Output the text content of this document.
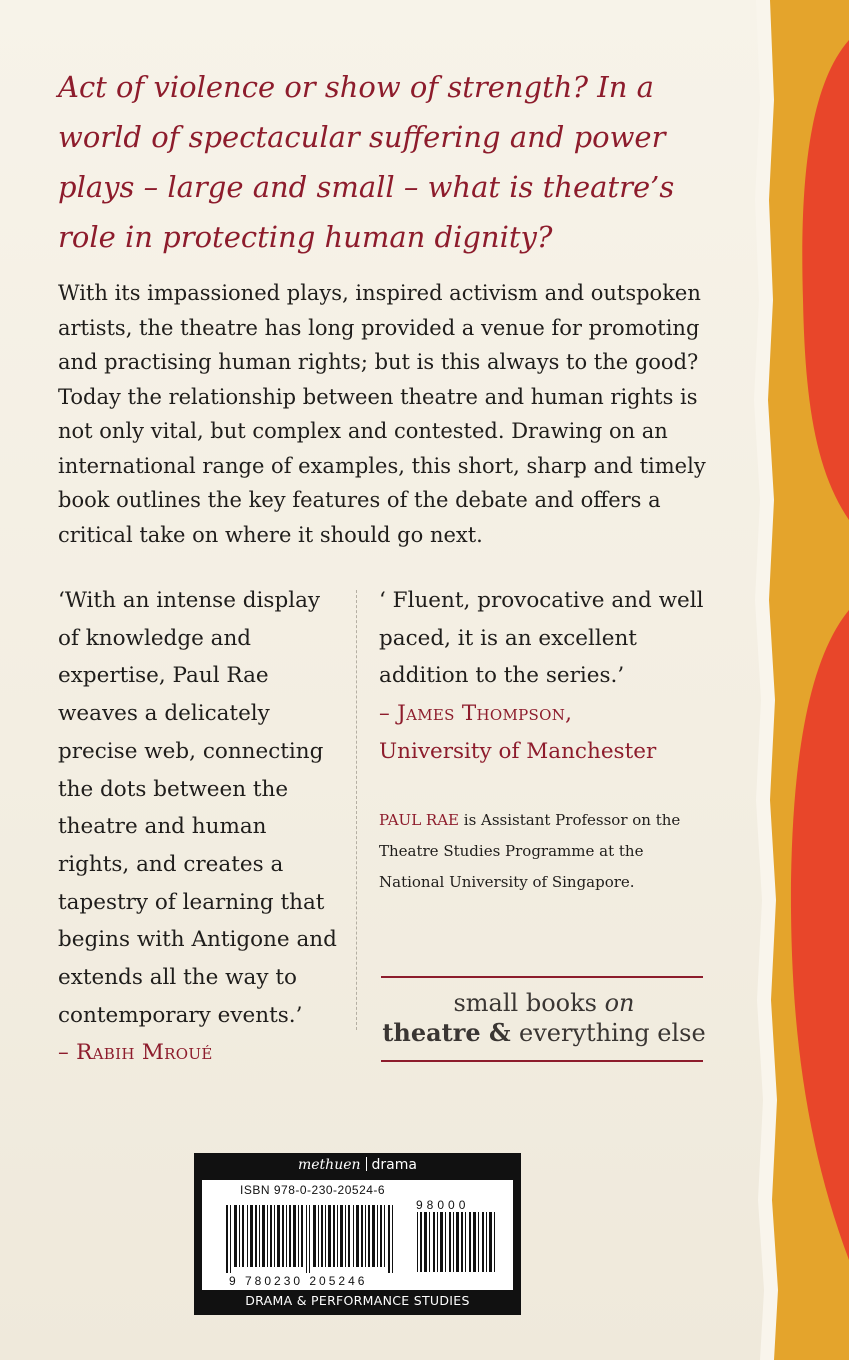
Act of violence or show of strength? In a world of spectacular suffering and power plays – large and small – what is theatre’s role in protecting human dignity?

With its impassioned plays, inspired activism and outspoken artists, the theatre has long provided a venue for promoting and practising human rights; but is this always to the good? Today the relationship between theatre and human rights is not only vital, but complex and contested. Drawing on an international range of examples, this short, sharp and timely book outlines the key features of the debate and offers a critical take on where it should go next.

‘With an intense display of knowledge and expertise, Paul Rae weaves a delicately precise web, connecting the dots between the theatre and human rights, and creates a tapestry of learning that begins with Antigone and extends all the way to contemporary events.’
– Rabih Mroué
‘ Fluent, provocative and well paced, it is an excellent addition to the series.’
– James Thompson,
University of Manchester

PAUL RAE is Assistant Professor on the Theatre Studies Programme at the National University of Singapore.

small books on
theatre & everything else
methuen drama
ISBN 978-0-230-20524-6
98000
9 780230 205246
DRAMA & PERFORMANCE STUDIES
